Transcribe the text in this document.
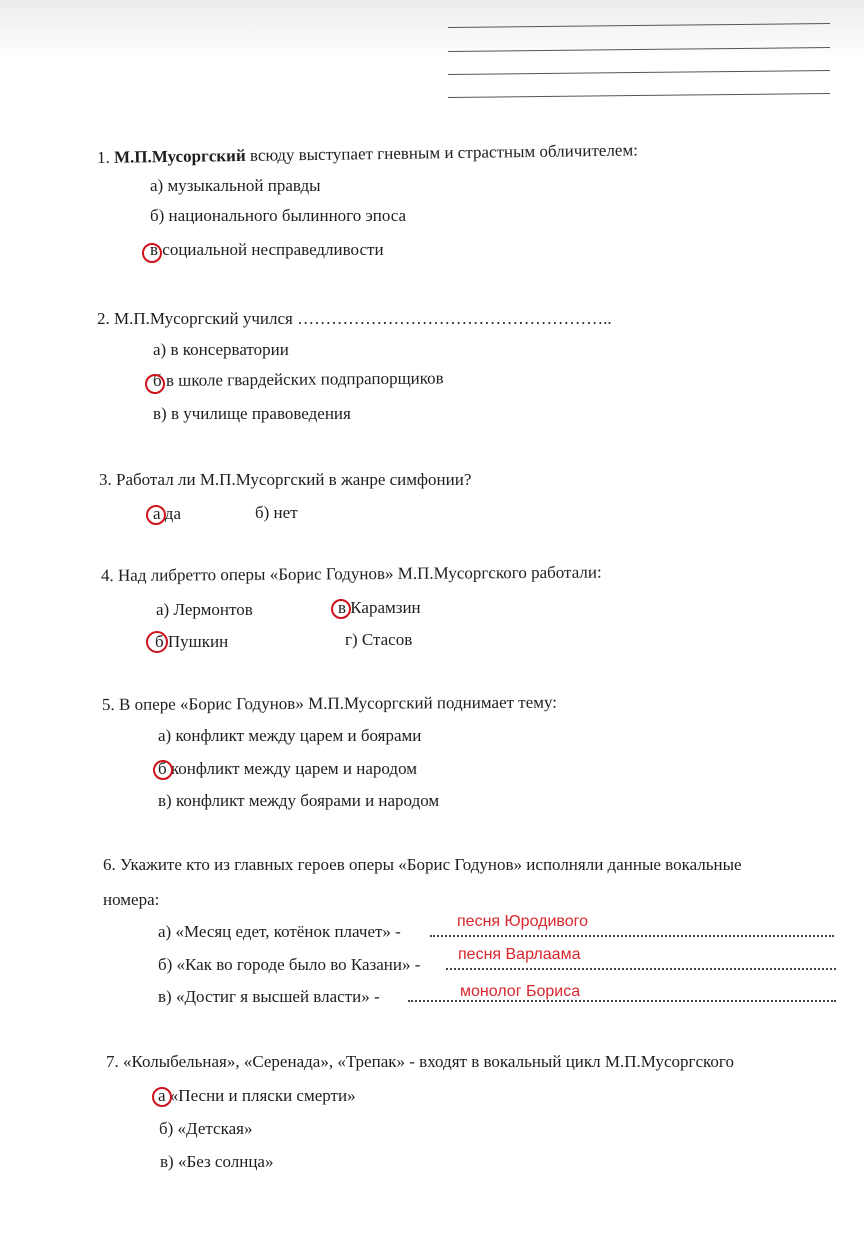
1. М.П.Мусоргский всюду выступает гневным и страстным обличителем:
а) музыкальной правды
б) национального былинного эпоса
в социальной несправедливости
2. М.П.Мусоргский учился ………………………………………………..
а) в консерватории
б в школе гвардейских подпрапорщиков
в) в училище правоведения
3. Работал ли М.П.Мусоргский в жанре симфонии?
а да	б) нет
4. Над либретто оперы «Борис Годунов» М.П.Мусоргского работали:
а) Лермонтов	в Карамзин
б Пушкин	г) Стасов
5. В опере «Борис Годунов» М.П.Мусоргский поднимает тему:
а) конфликт между царем и боярами
б конфликт между царем и народом
в) конфликт между боярами и народом
6. Укажите кто из главных героев оперы «Борис Годунов» исполняли данные вокальные
номера:
а) «Месяц едет, котёнок плачет» -
песня Юродивого
б) «Как во городе было во Казани» -
песня Варлаама
в) «Достиг я высшей власти» -	монолог Бориса
7. «Колыбельная», «Серенада», «Трепак» - входят в вокальный цикл М.П.Мусоргского
а «Песни и пляски смерти»
б) «Детская»
в) «Без солнца»
